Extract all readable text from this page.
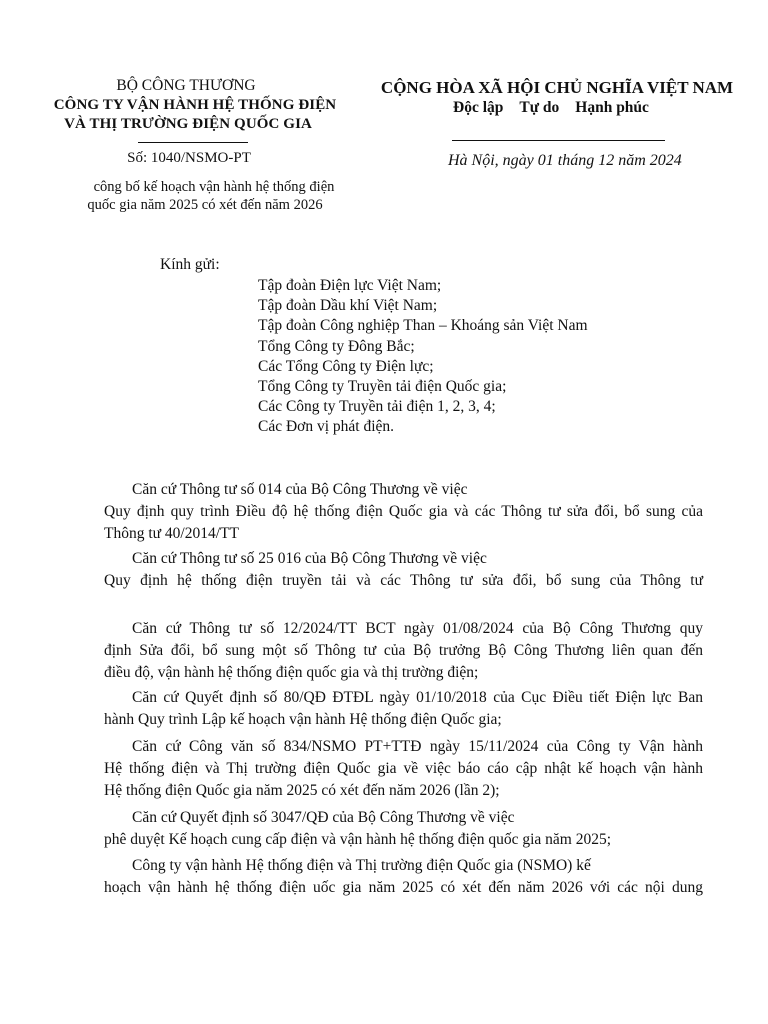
BỘ CÔNG THƯƠNG
CÔNG TY VẬN HÀNH HỆ THỐNG ĐIỆN
VÀ THỊ TRƯỜNG ĐIỆN QUỐC GIA
Số: 1040/NSMO-PT
công bố kế hoạch vận hành hệ thống điện
quốc gia năm 2025 có xét đến năm 2026
CỘNG HÒA XÃ HỘI CHỦ NGHĨA VIỆT NAM
Độc lập Tự do Hạnh phúc
Hà Nội, ngày 01 tháng 12 năm 2024
Kính gửi:
Tập đoàn Điện lực Việt Nam;
Tập đoàn Dầu khí Việt Nam;
Tập đoàn Công nghiệp Than – Khoáng sản Việt Nam
Tổng Công ty Đông Bắc;
Các Tổng Công ty Điện lực;
Tổng Công ty Truyền tải điện Quốc gia;
Các Công ty Truyền tải điện 1, 2, 3, 4;
Các Đơn vị phát điện.
Căn cứ Thông tư số 014 của Bộ Công Thương về việc
Quy định quy trình Điều độ hệ thống điện Quốc gia và các Thông tư sửa đổi, bổ sung của
Thông tư 40/2014/TT
Căn cứ Thông tư số 25 016 của Bộ Công Thương về việc
Quy định hệ thống điện truyền tải và các Thông tư sửa đổi, bổ sung của Thông tư
Căn cứ Thông tư số 12/2024/TT BCT ngày 01/08/2024 của Bộ Công Thương quy
định Sửa đổi, bổ sung một số Thông tư của Bộ trưởng Bộ Công Thương liên quan đến
điều độ, vận hành hệ thống điện quốc gia và thị trường điện;
Căn cứ Quyết định số 80/QĐ ĐTĐL ngày 01/10/2018 của Cục Điều tiết Điện lực Ban
hành Quy trình Lập kế hoạch vận hành Hệ thống điện Quốc gia;
Căn cứ Công văn số 834/NSMO PT+TTĐ ngày 15/11/2024 của Công ty Vận hành
Hệ thống điện và Thị trường điện Quốc gia về việc báo cáo cập nhật kế hoạch vận hành
Hệ thống điện Quốc gia năm 2025 có xét đến năm 2026 (lần 2);
Căn cứ Quyết định số 3047/QĐ của Bộ Công Thương về việc
phê duyệt Kế hoạch cung cấp điện và vận hành hệ thống điện quốc gia năm 2025;
Công ty vận hành Hệ thống điện và Thị trường điện Quốc gia (NSMO) kế
hoạch vận hành hệ thống điện uốc gia năm 2025 có xét đến năm 2026 với các nội dung
